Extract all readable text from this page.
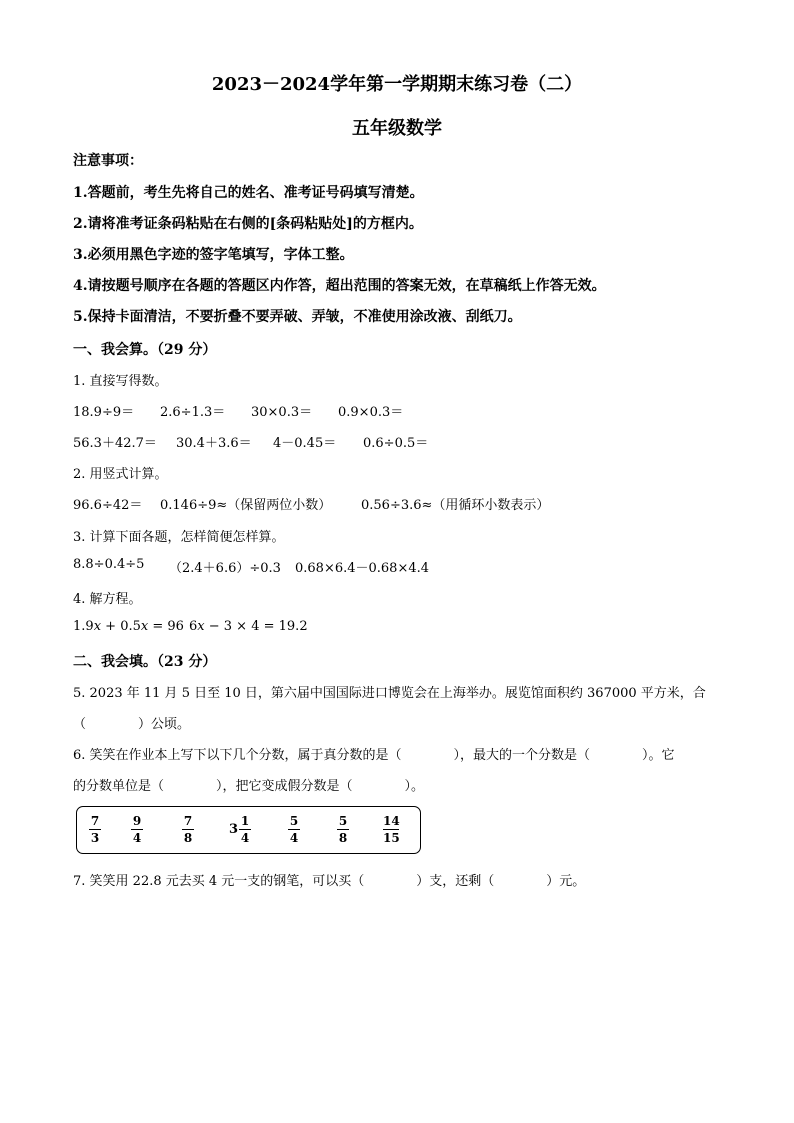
2023－2024学年第一学期期末练习卷（二）
五年级数学
注意事项：
1.答题前，考生先将自己的姓名、准考证号码填写清楚。
2.请将准考证条码粘贴在右侧的[条码粘贴处]的方框内。
3.必须用黑色字迹的签字笔填写，字体工整。
4.请按题号顺序在各题的答题区内作答，超出范围的答案无效，在草稿纸上作答无效。
5.保持卡面清洁，不要折叠不要弄破、弄皱，不准使用涂改液、刮纸刀。
一、我会算。（29 分）
1. 直接写得数。
18.9÷9＝ 2.6÷1.3＝ 30×0.3＝ 0.9×0.3＝
56.3＋42.7＝ 30.4＋3.6＝ 4－0.45＝ 0.6÷0.5＝
2. 用竖式计算。
96.6÷42＝ 0.146÷9≈（保留两位小数） 0.56÷3.6≈（用循环小数表示）
3. 计算下面各题，怎样简便怎样算。
8.8÷0.4÷5 （2.4＋6.6）÷0.3 0.68×6.4－0.68×4.4
4. 解方程。
1.9x + 0.5x = 96 6x − 3 × 4 = 19.2
二、我会填。（23 分）
5. 2023 年 11 月 5 日至 10 日，第六届中国国际进口博览会在上海举办。展览馆面积约 367000 平方米，合
（　　　　）公顷。
6. 笑笑在作业本上写下以下几个分数，属于真分数的是（　　　　），最大的一个分数是（　　　　）。它
的分数单位是（　　　　），把它变成假分数是（　　　　）。
7
3
9
4
7
8
$3 \frac{1}{4}$	5
4
5
8
14
15
7. 笑笑用 22.8 元去买 4 元一支的钢笔，可以买（　　　　）支，还剩（　　　　）元。
